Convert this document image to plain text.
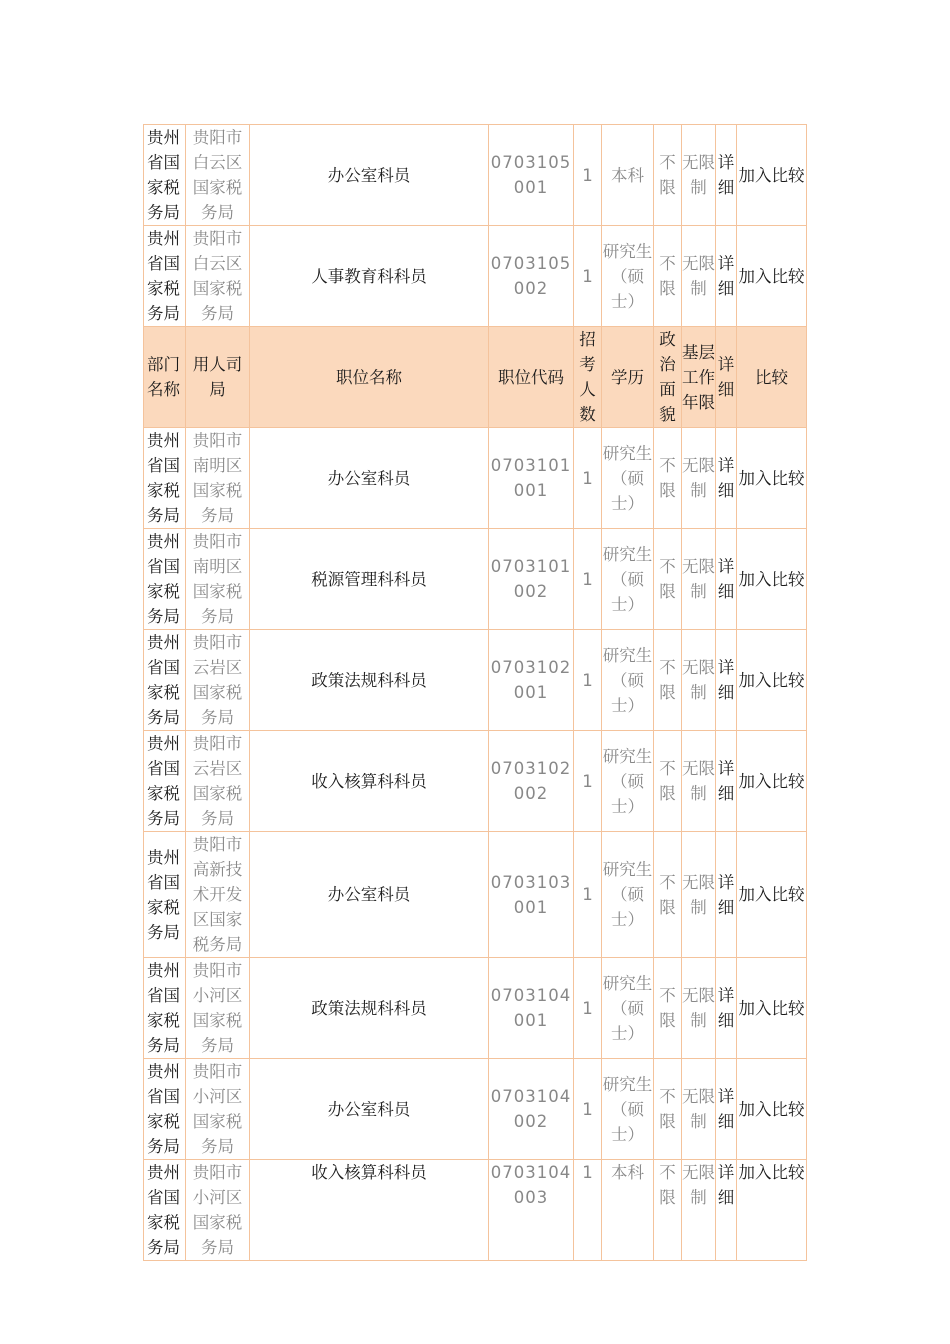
贵州省国家税务局	贵阳市白云区国家税务局	办公室科员	0703105001	1	本科	不限	无限制	详细	加入比较
贵州省国家税务局	贵阳市白云区国家税务局	人事教育科科员	0703105002	1	研究生（硕士）	不限	无限制	详细	加入比较
部门名称	用人司局	职位名称	职位代码	招考人数	学历	政治面貌	基层工作年限	详细	比较
贵州省国家税务局	贵阳市南明区国家税务局	办公室科员	0703101001	1	研究生（硕士）	不限	无限制	详细	加入比较
贵州省国家税务局	贵阳市南明区国家税务局	税源管理科科员	0703101002	1	研究生（硕士）	不限	无限制	详细	加入比较
贵州省国家税务局	贵阳市云岩区国家税务局	政策法规科科员	0703102001	1	研究生（硕士）	不限	无限制	详细	加入比较
贵州省国家税务局	贵阳市云岩区国家税务局	收入核算科科员	0703102002	1	研究生（硕士）	不限	无限制	详细	加入比较
贵州省国家税务局	贵阳市高新技术开发区国家税务局	办公室科员	0703103001	1	研究生（硕士）	不限	无限制	详细	加入比较
贵州省国家税务局	贵阳市小河区国家税务局	政策法规科科员	0703104001	1	研究生（硕士）	不限	无限制	详细	加入比较
贵州省国家税务局	贵阳市小河区国家税务局	办公室科员	0703104002	1	研究生（硕士）	不限	无限制	详细	加入比较
贵州省国家税务局	贵阳市小河区国家税务局	收入核算科科员	0703104003	1	本科	不限	无限制	详细	加入比较
